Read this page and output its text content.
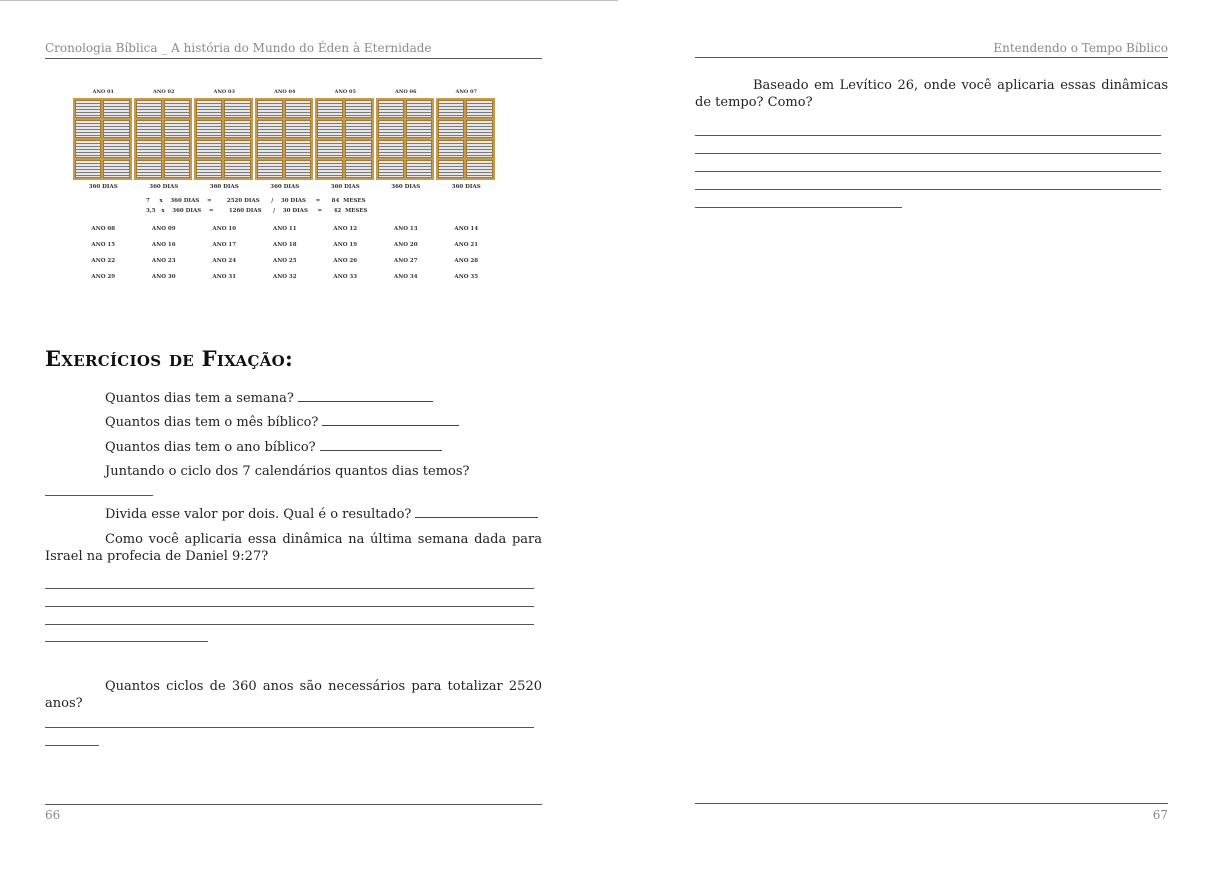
Cronologia Bíblica _ A história do Mundo do Éden à Eternidade
ANO 01	ANO 02	ANO 03	ANO 04	ANO 05	ANO 06	ANO 07
360 DIAS	360 DIAS	360 DIAS	360 DIAS	360 DIAS	360 DIAS	360 DIAS
7     x    360 DIAS    =        2520 DIAS      /    30 DIAS     =      84  MESES
3,5   x    360 DIAS    =        1260 DIAS      /    30 DIAS     =      42  MESES
ANO 08	ANO 09	ANO 10	ANO 11	ANO 12	ANO 13	ANO 14
ANO 15	ANO 16	ANO 17	ANO 18	ANO 19	ANO 20	ANO 21
ANO 22	ANO 23	ANO 24	ANO 25	ANO 26	ANO 27	ANO 28
ANO 29	ANO 30	ANO 31	ANO 32	ANO 33	ANO 34	ANO 35
Exercícios de Fixação:
Quantos dias tem a semana?
Quantos dias tem o mês bíblico?
Quantos dias tem o ano bíblico?
Juntando o ciclo dos 7 calendários quantos dias temos?
Divida esse valor por dois. Qual é o resultado?
Como você aplicaria essa dinâmica na última semana dada para Israel na profecia de Daniel 9:27?
Quantos ciclos de 360 anos são necessários para totalizar 2520 anos?
66
Entendendo o Tempo Bíblico
Baseado em Levítico 26, onde você aplicaria essas dinâmicas de tempo? Como?
67
